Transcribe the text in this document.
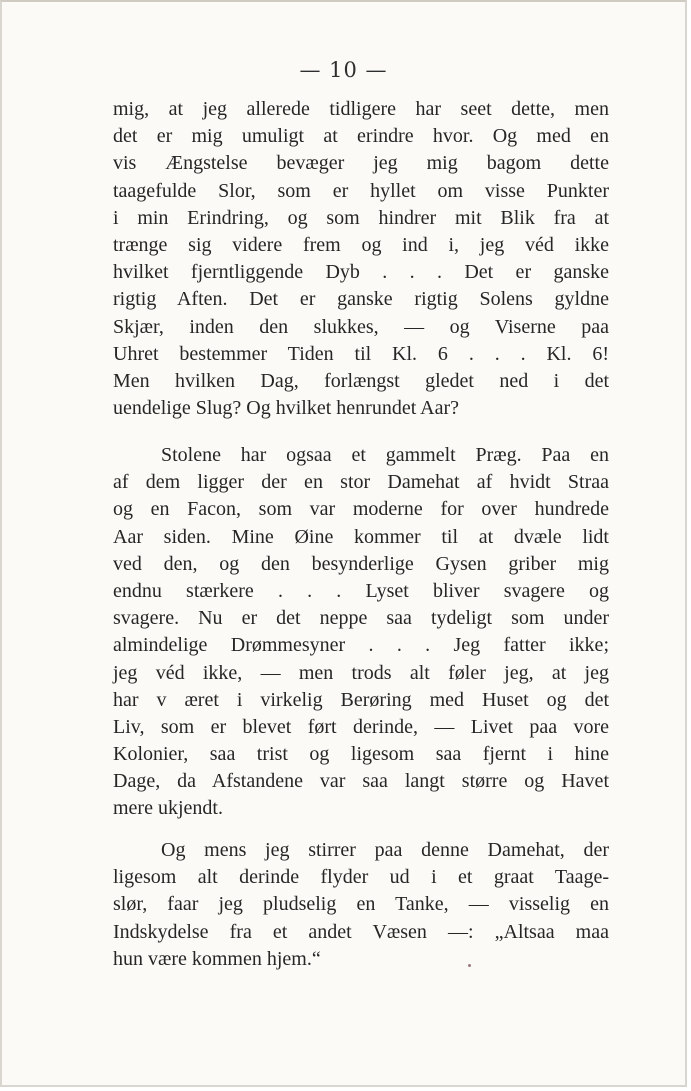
— 10 —
mig, at jeg allerede tidligere har seet dette, men
det er mig umuligt at erindre hvor. Og med en
vis Ængstelse bevæger jeg mig bagom dette
taagefulde Slor, som er hyllet om visse Punkter
i min Erindring, og som hindrer mit Blik fra at
trænge sig videre frem og ind i, jeg véd ikke
hvilket fjerntliggende Dyb . . . Det er ganske
rigtig Aften. Det er ganske rigtig Solens gyldne
Skjær, inden den slukkes, — og Viserne paa
Uhret bestemmer Tiden til Kl. 6 . . . Kl. 6!
Men hvilken Dag, forlængst gledet ned i det
uendelige Slug? Og hvilket henrundet Aar?
Stolene har ogsaa et gammelt Præg. Paa en
af dem ligger der en stor Damehat af hvidt Straa
og en Facon, som var moderne for over hundrede
Aar siden. Mine Øine kommer til at dvæle lidt
ved den, og den besynderlige Gysen griber mig
endnu stærkere . . . Lyset bliver svagere og
svagere. Nu er det neppe saa tydeligt som under
almindelige Drømmesyner . . . Jeg fatter ikke;
jeg véd ikke, — men trods alt føler jeg, at jeg
har v æret i virkelig Berøring med Huset og det
Liv, som er blevet ført derinde, — Livet paa vore
Kolonier, saa trist og ligesom saa fjernt i hine
Dage, da Afstandene var saa langt større og Havet
mere ukjendt.
Og mens jeg stirrer paa denne Damehat, der
ligesom alt derinde flyder ud i et graat Taage-
slør, faar jeg pludselig en Tanke, — visselig en
Indskydelse fra et andet Væsen —: „Altsaa maa
hun være kommen hjem.“
